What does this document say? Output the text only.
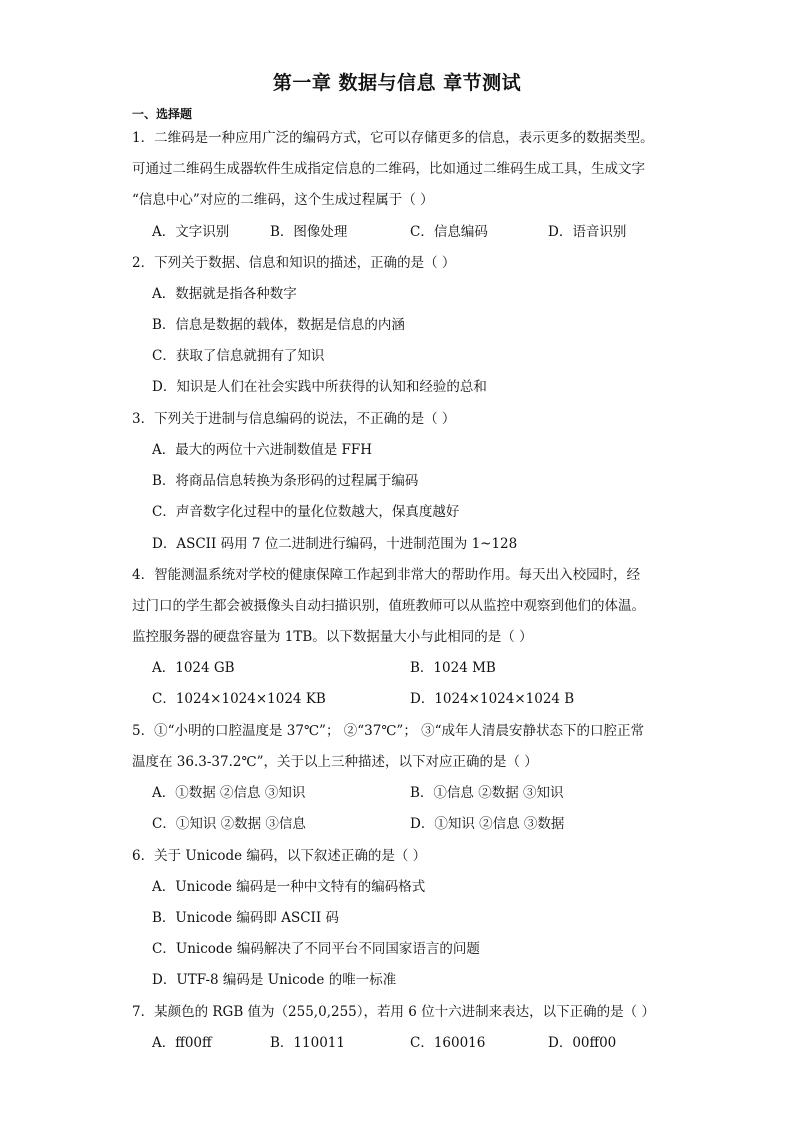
第一章 数据与信息 章节测试
一、选择题
1．二维码是一种应用广泛的编码方式，它可以存储更多的信息，表示更多的数据类型。
可通过二维码生成器软件生成指定信息的二维码，比如通过二维码生成工具，生成文字
“信息中心”对应的二维码，这个生成过程属于（ ）
A．文字识别	B．图像处理	C．信息编码	D．语音识别
2．下列关于数据、信息和知识的描述，正确的是（ ）
A．数据就是指各种数字
B．信息是数据的载体，数据是信息的内涵
C．获取了信息就拥有了知识
D．知识是人们在社会实践中所获得的认知和经验的总和
3．下列关于进制与信息编码的说法，不正确的是（ ）
A．最大的两位十六进制数值是 FFH
B．将商品信息转换为条形码的过程属于编码
C．声音数字化过程中的量化位数越大，保真度越好
D．ASCII 码用 7 位二进制进行编码，十进制范围为 1~128
4．智能测温系统对学校的健康保障工作起到非常大的帮助作用。每天出入校园时，经
过门口的学生都会被摄像头自动扫描识别，值班教师可以从监控中观察到他们的体温。
监控服务器的硬盘容量为 1TB。以下数据量大小与此相同的是（ ）
A．1024 GB	B．1024 MB
C．1024×1024×1024 KB	D．1024×1024×1024 B
5．①“小明的口腔温度是 37℃”； ②“37℃”； ③“成年人清晨安静状态下的口腔正常
温度在 36.3-37.2℃”，关于以上三种描述，以下对应正确的是（ ）
A．①数据 ②信息 ③知识	B．①信息 ②数据 ③知识
C．①知识 ②数据 ③信息	D．①知识 ②信息 ③数据
6．关于 Unicode 编码，以下叙述正确的是（ ）
A．Unicode 编码是一种中文特有的编码格式
B．Unicode 编码即 ASCII 码
C．Unicode 编码解决了不同平台不同国家语言的问题
D．UTF-8 编码是 Unicode 的唯一标准
7．某颜色的 RGB 值为（255,0,255），若用 6 位十六进制来表达，以下正确的是（ ）
A．ff00ff	B．110011	C．160016	D．00ff00
